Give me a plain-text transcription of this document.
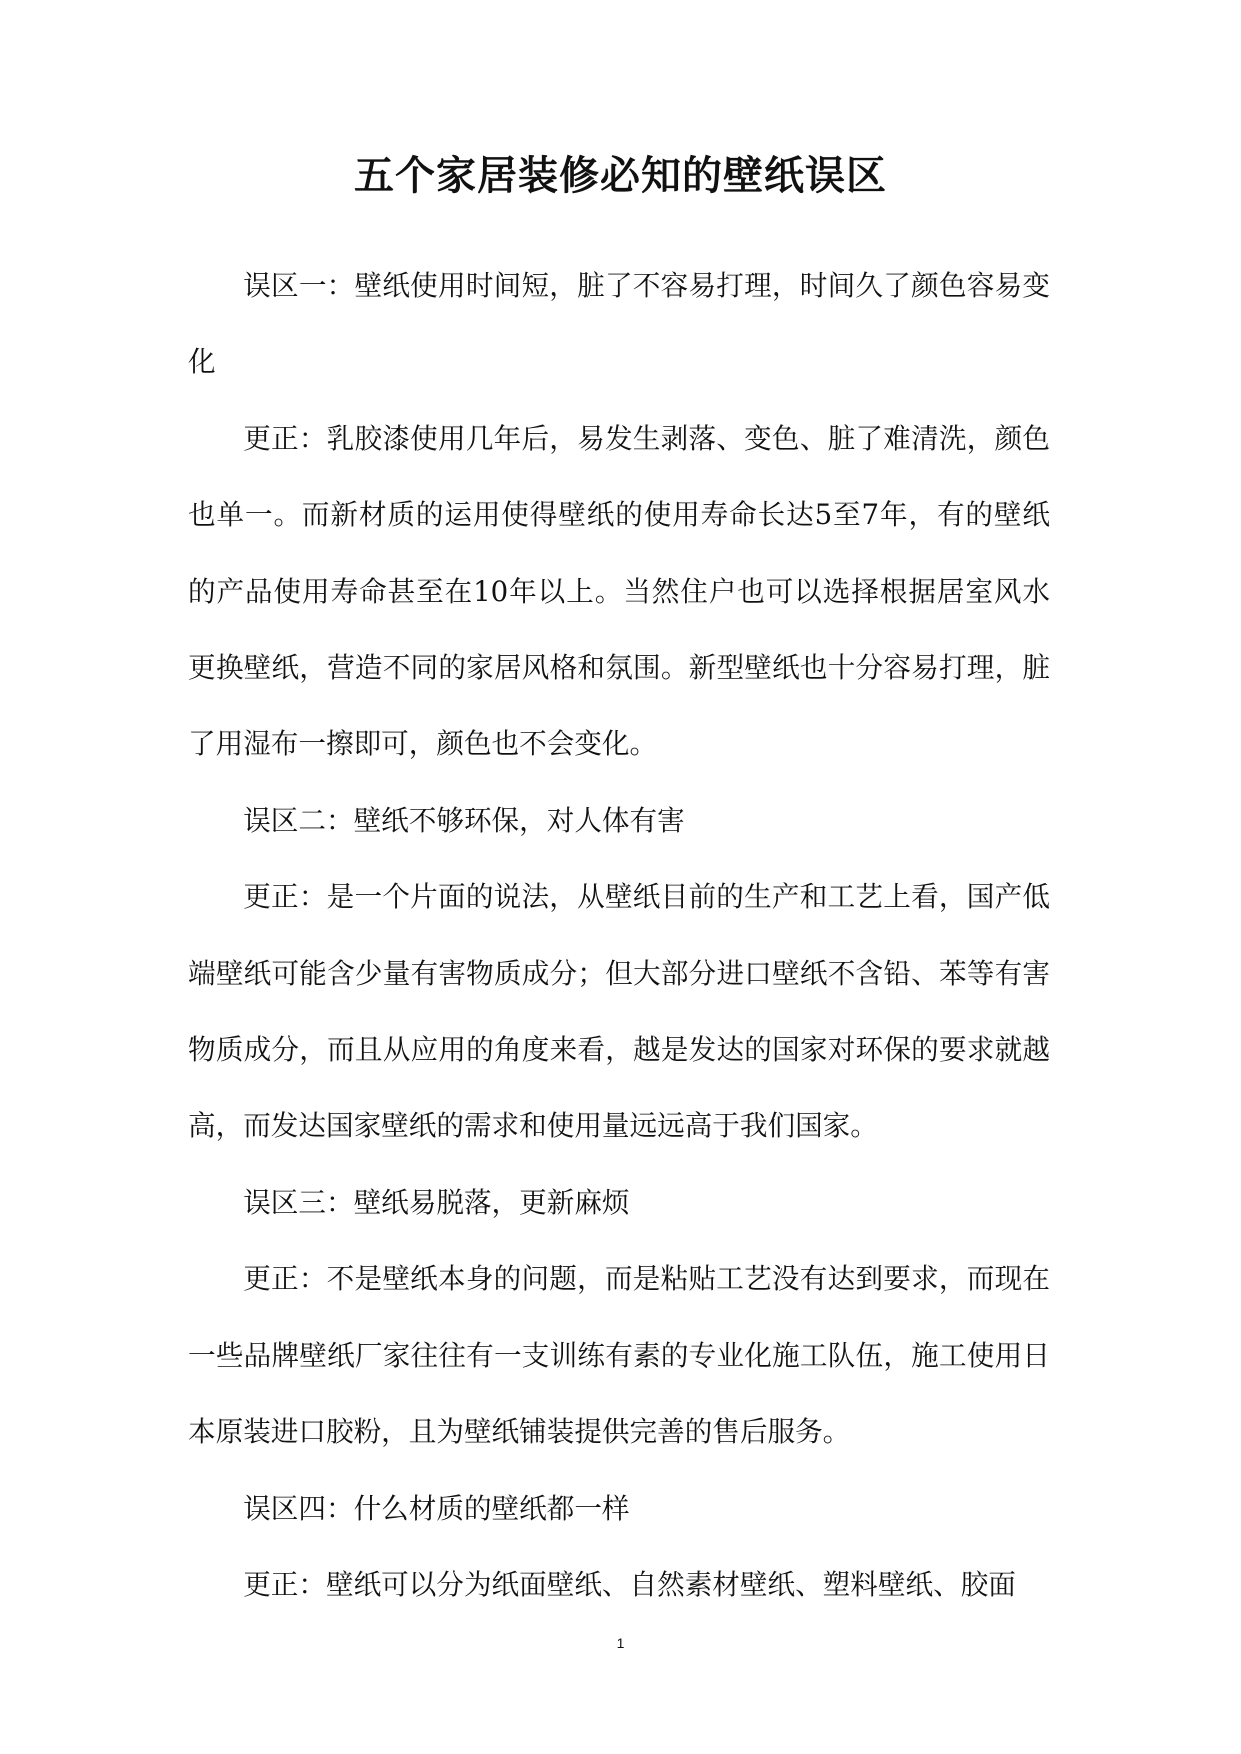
五个家居装修必知的壁纸误区

误区一：壁纸使用时间短，脏了不容易打理，时间久了颜色容易变化

更正：乳胶漆使用几年后，易发生剥落、变色、脏了难清洗，颜色也单一。而新材质的运用使得壁纸的使用寿命长达5至7年，有的壁纸的产品使用寿命甚至在10年以上。当然住户也可以选择根据居室风水更换壁纸，营造不同的家居风格和氛围。新型壁纸也十分容易打理，脏了用湿布一擦即可，颜色也不会变化。

误区二：壁纸不够环保，对人体有害

更正：是一个片面的说法，从壁纸目前的生产和工艺上看，国产低端壁纸可能含少量有害物质成分；但大部分进口壁纸不含铅、苯等有害物质成分，而且从应用的角度来看，越是发达的国家对环保的要求就越高，而发达国家壁纸的需求和使用量远远高于我们国家。

误区三：壁纸易脱落，更新麻烦

更正：不是壁纸本身的问题，而是粘贴工艺没有达到要求，而现在一些品牌壁纸厂家往往有一支训练有素的专业化施工队伍，施工使用日本原装进口胶粉，且为壁纸铺装提供完善的售后服务。

误区四：什么材质的壁纸都一样

更正：壁纸可以分为纸面壁纸、自然素材壁纸、塑料壁纸、胶面

1
